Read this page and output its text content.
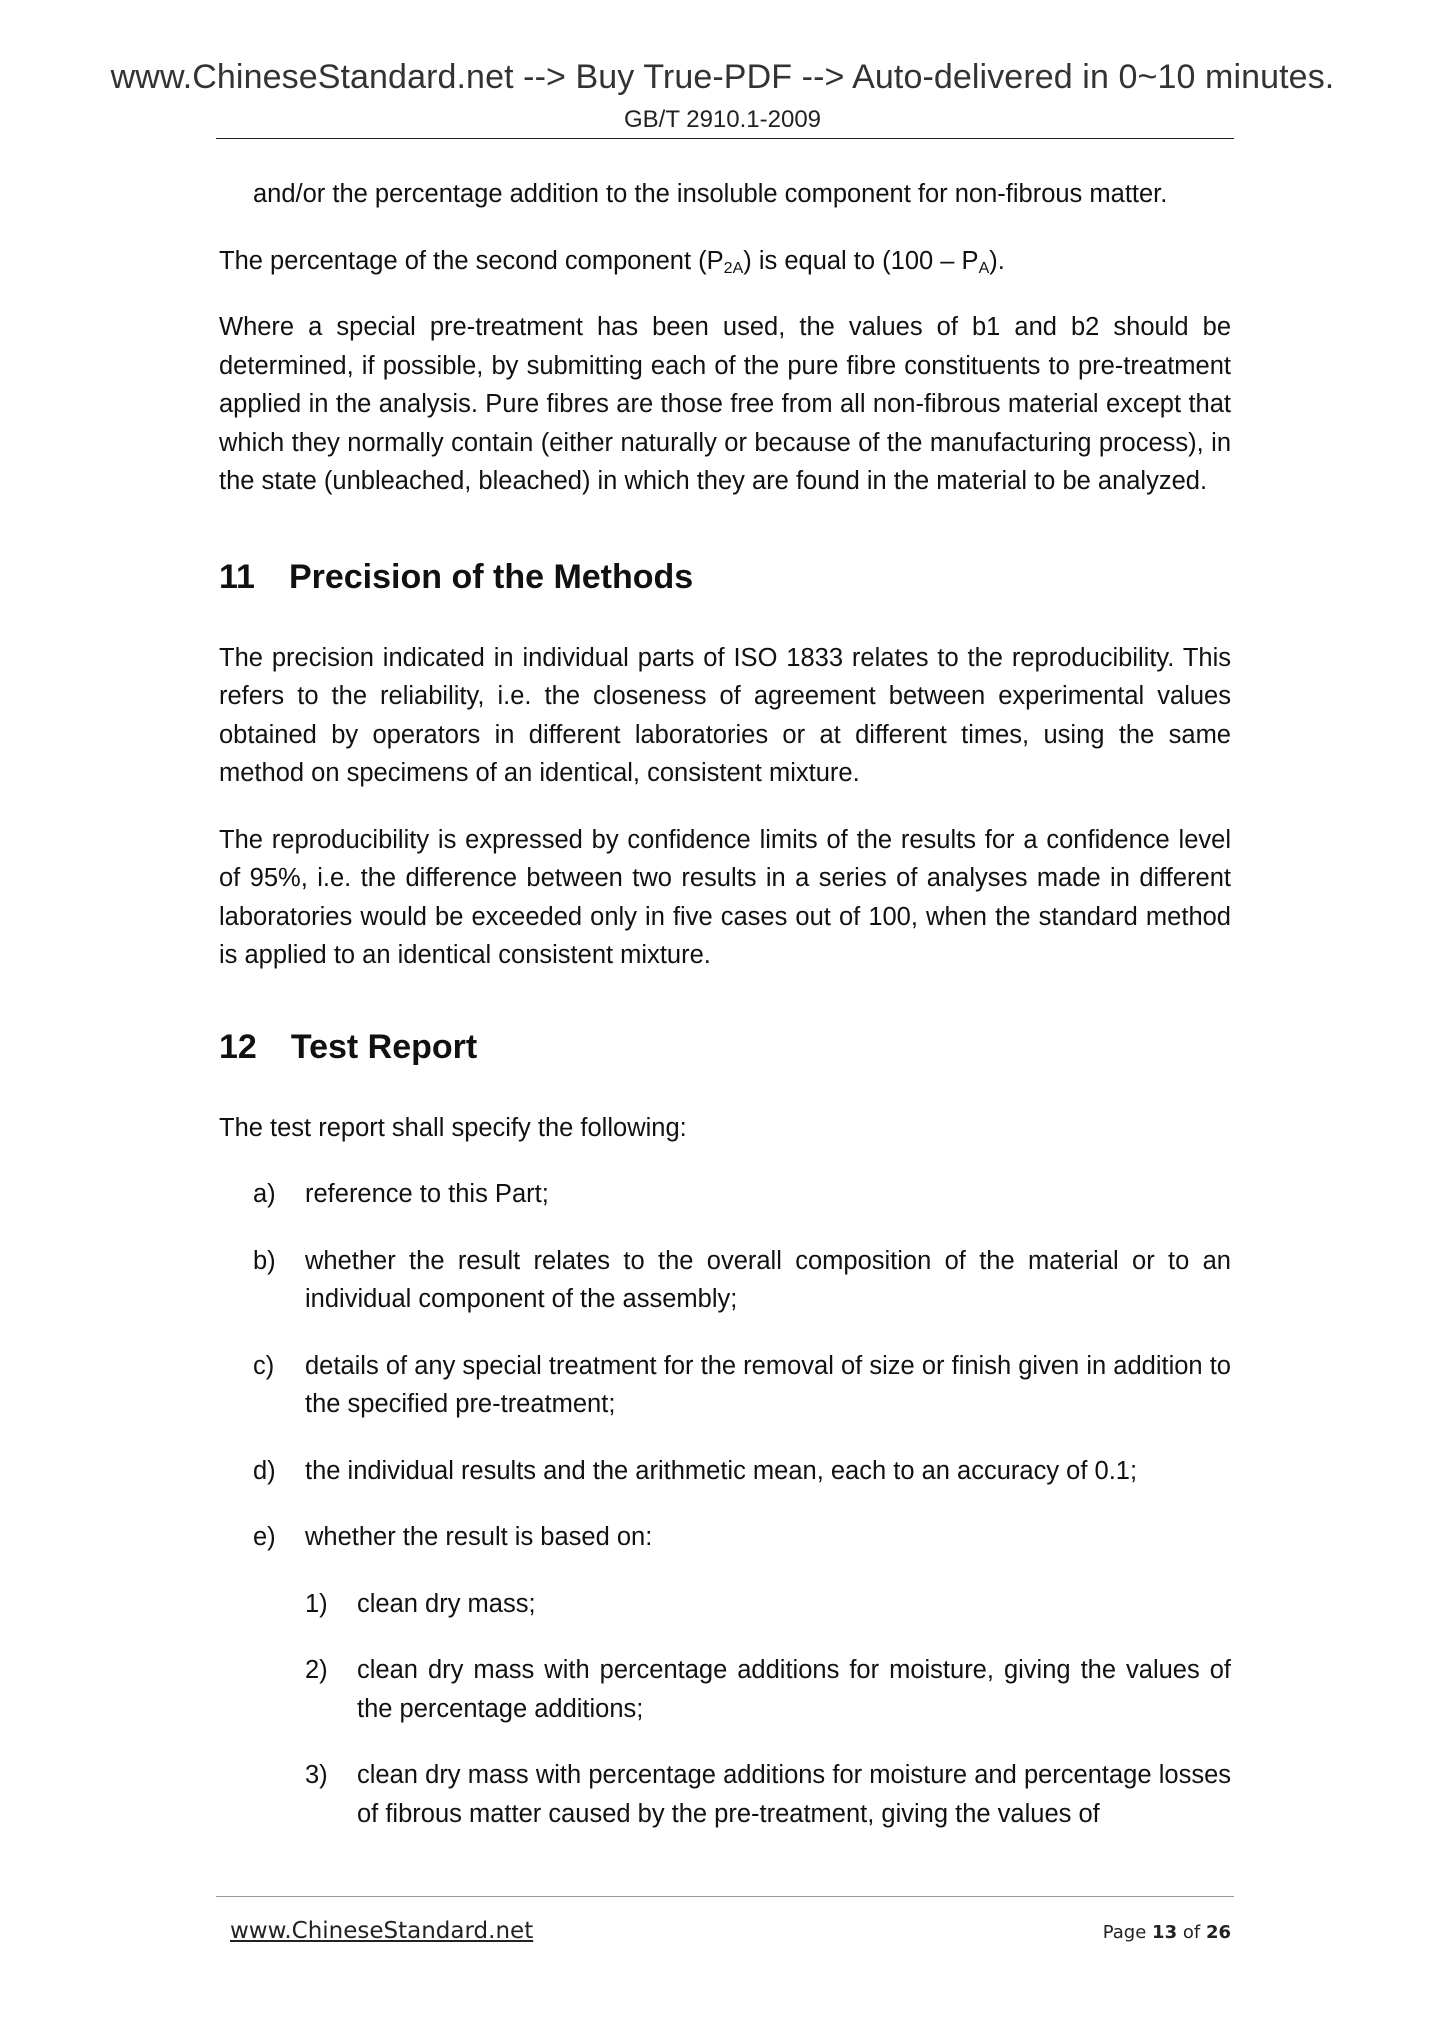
www.ChineseStandard.net --> Buy True-PDF --> Auto-delivered in 0~10 minutes.
GB/T 2910.1-2009

and/or the percentage addition to the insoluble component for non-fibrous matter.

The percentage of the second component $(P_{2A})$ is equal to $(100 - P_A)$.

Where a special pre-treatment has been used, the values of b1 and b2 should be determined, if possible, by submitting each of the pure fibre constituents to pre-treatment applied in the analysis. Pure fibres are those free from all non-fibrous material except that which they normally contain (either naturally or because of the manufacturing process), in the state (unbleached, bleached) in which they are found in the material to be analyzed.

11 Precision of the Methods

The precision indicated in individual parts of ISO 1833 relates to the reproducibility. This refers to the reliability, i.e. the closeness of agreement between experimental values obtained by operators in different laboratories or at different times, using the same method on specimens of an identical, consistent mixture.

The reproducibility is expressed by confidence limits of the results for a confidence level of 95%, i.e. the difference between two results in a series of analyses made in different laboratories would be exceeded only in five cases out of 100, when the standard method is applied to an identical consistent mixture.

12 Test Report

The test report shall specify the following:

a)	reference to this Part;
b)	whether the result relates to the overall composition of the material or to an individual component of the assembly;
c)	details of any special treatment for the removal of size or finish given in addition to the specified pre-treatment;
d)	the individual results and the arithmetic mean, each to an accuracy of 0.1;
e)	whether the result is based on:
1)	clean dry mass;
2)	clean dry mass with percentage additions for moisture, giving the values of the percentage additions;
3)	clean dry mass with percentage additions for moisture and percentage losses of fibrous matter caused by the pre-treatment, giving the values of
www.ChineseStandard.net	Page 13 of 26
